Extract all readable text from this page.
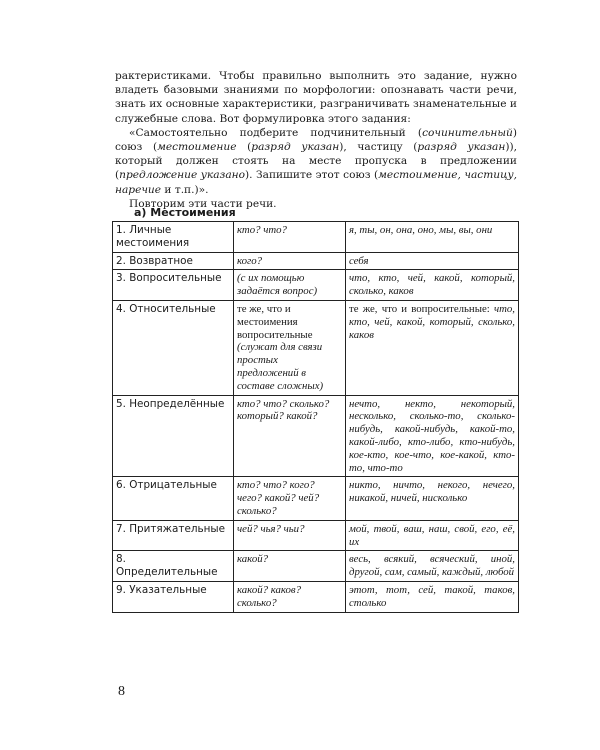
рактеристиками. Чтобы правильно выполнить это задание, нужно владеть базовыми знаниями по морфологии: опознавать части речи, знать их основные характеристики, разграничивать знаменательные и служебные слова. Вот формулировка этого задания:

«Самостоятельно подберите подчинительный (сочинительный) союз (местоимение (разряд указан), частицу (разряд указан)), который должен стоять на месте пропуска в предложении (предложение указано). Запишите этот союз (местоимение, частицу, наречие и т.п.)».

Повторим эти части речи.

а) Местоимения
1. Личные местоимения	кто? что?	я, ты, он, она, оно, мы, вы, они
2. Возвратное	кого?	себя
3. Вопросительные	(с их помощью задаётся вопрос)	что, кто, чей, какой, который, сколько, каков
4. Относительные	те же, что и местоимения вопросительные (служат для связи простых предложений в составе сложных)	те же, что и вопросительные: что, кто, чей, какой, который, сколько, каков
5. Неопределённые	кто? что? сколько? который? какой?	нечто, некто, некоторый, несколько, сколько-то, сколько-нибудь, какой-нибудь, какой-то, какой-либо, кто-либо, кто-нибудь, кое-кто, кое-что, кое-какой, кто-то, что-то
6. Отрицательные	кто? что? кого? чего? какой? чей? сколько?	никто, ничто, некого, нечего, никакой, ничей, нисколько
7. Притяжательные	чей? чья? чьи?	мой, твой, ваш, наш, свой, его, её, их
8. Определительные	какой?	весь, всякий, всяческий, иной, другой, сам, самый, каждый, любой
9. Указательные	какой? каков? сколько?	этот, тот, сей, такой, таков, столько
8
